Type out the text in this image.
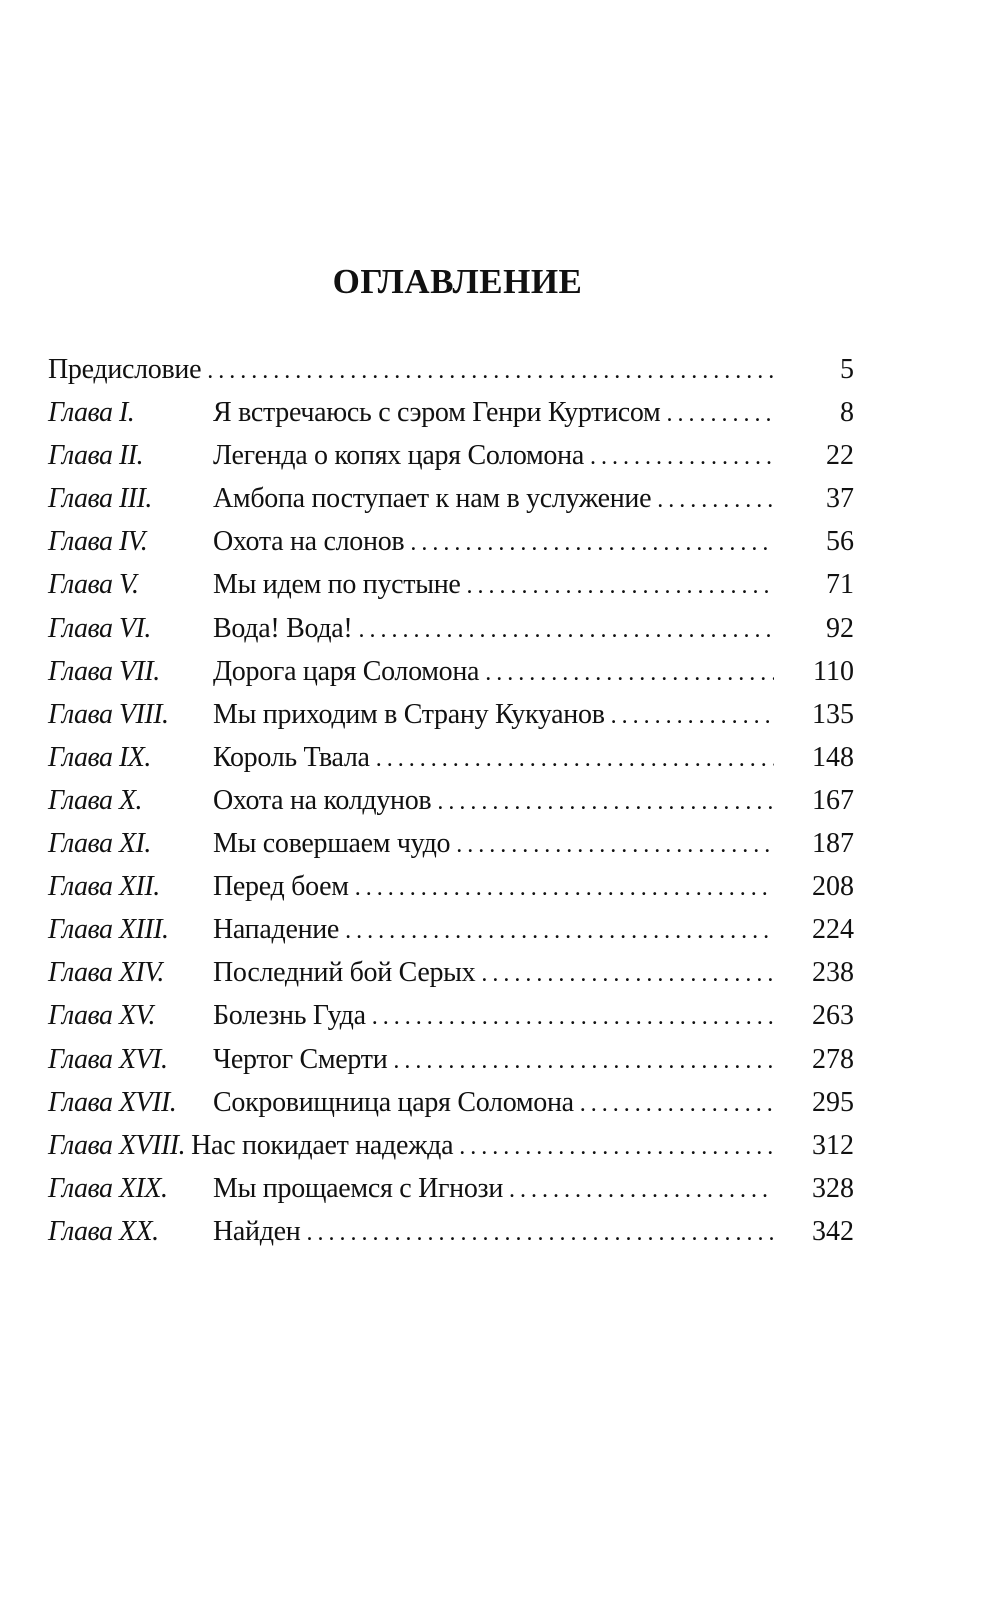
ОГЛАВЛЕНИЕ
Предисловие . . .	5
Глава I.	Я встречаюсь с сэром Генри Куртисом . . .	8
Глава II.	Легенда о копях царя Соломона . . .	22
Глава III.	Амбопа поступает к нам в услужение . . .	37
Глава IV.	Охота на слонов . . .	56
Глава V.	Мы идем по пустыне . . .	71
Глава VI.	Вода! Вода! . . .	92
Глава VII.	Дорога царя Соломона . . .	110
Глава VIII.	Мы приходим в Страну Кукуанов . . .	135
Глава IX.	Король Твала . . .	148
Глава X.	Охота на колдунов . . .	167
Глава XI.	Мы совершаем чудо . . .	187
Глава XII.	Перед боем . . .	208
Глава XIII.	Нападение . . .	224
Глава XIV.	Последний бой Серых . . .	238
Глава XV.	Болезнь Гуда . . .	263
Глава XVI.	Чертог Смерти . . .	278
Глава XVII.	Сокровищница царя Соломона . . .	295
Глава XVIII. Нас покидает надежда . . .	312
Глава XIX.	Мы прощаемся с Игнози . . .	328
Глава XX.	Найден . . .	342
